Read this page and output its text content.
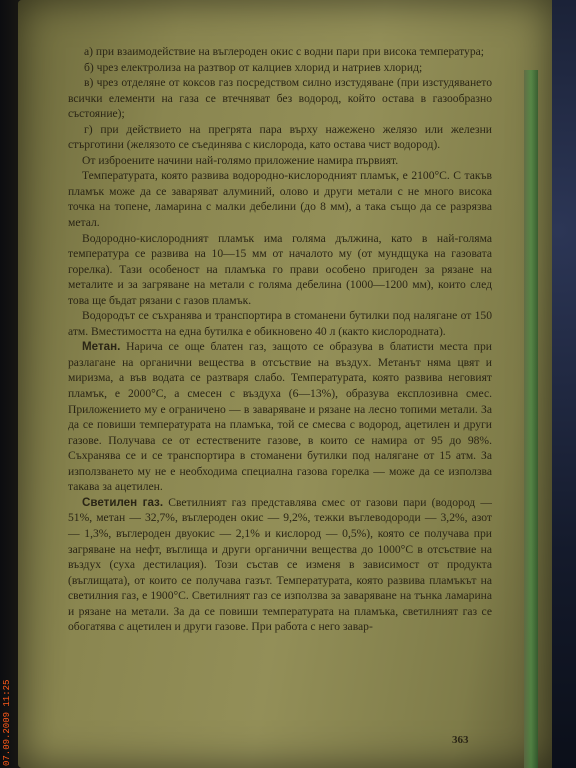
а) при взаимодействие на въглероден окис с водни пари при висока температура;

б) чрез електролиза на разтвор от калциев хлорид и натриев хлорид;

в) чрез отделяне от коксов газ посредством силно изстудяване (при изстудяването всички елементи на газа се втечняват без водород, който остава в газообразно състояние);

г) при действието на прегрята пара върху нажежено желязо или железни стърготини (желязото се съединява с кислорода, като остава чист водород).

От изброените начини най-голямо приложение намира първият.

Температурата, която развива водородно-кислородният пламък, е 2100°С. С такъв пламък може да се заваряват алуминий, олово и други метали с не много висока точка на топене, ламарина с малки дебелини (до 8 мм), а така също да се разрязва метал.

Водородно-кислородният пламък има голяма дължина, като в най-голяма температура се развива на 10—15 мм от началото му (от мундщука на газовата горелка). Тази особеност на пламъка го прави особено пригоден за рязане на металите и за загряване на метали с голяма дебелина (1000—1200 мм), които след това ще бъдат рязани с газов пламък.

Водородът се съхранява и транспортира в стоманени бутилки под налягане от 150 атм. Вместимостта на една бутилка е обикновено 40 л (както кислородната).

Метан. Нарича се още блатен газ, защото се образува в блатисти места при разлагане на органични вещества в отсъствие на въздух. Метанът няма цвят и миризма, а във водата се разтваря слабо. Температурата, която развива неговият пламък, е 2000°С, а смесен с въздуха (6—13%), образува експлозивна смес. Приложението му е ограничено — в заваряване и рязане на лесно топими метали. За да се повиши температурата на пламъка, той се смесва с водород, ацетилен и други газове. Получава се от естествените газове, в които се намира от 95 до 98%. Съхранява се и се транспортира в стоманени бутилки под налягане от 15 атм. За използването му не е необходима специална газова горелка — може да се използва такава за ацетилен.

Светилен газ. Светилният газ представлява смес от газови пари (водород — 51%, метан — 32,7%, въглероден окис — 9,2%, тежки въглеводороди — 3,2%, азот — 1,3%, въглероден двуокис — 2,1% и кислород — 0,5%), която се получава при загряване на нефт, въглища и други органични вещества до 1000°С в отсъствие на въздух (суха дестилация). Този състав се изменя в зависимост от продукта (въглищата), от които се получава газът. Температурата, която развива пламъкът на светилния газ, е 1900°С. Светилният газ се използва за заваряване на тънка ламарина и рязане на метали. За да се повиши температурата на пламъка, светилният газ се обогатява с ацетилен и други газове. При работа с него завар-

363
07.09.2009 11:25
